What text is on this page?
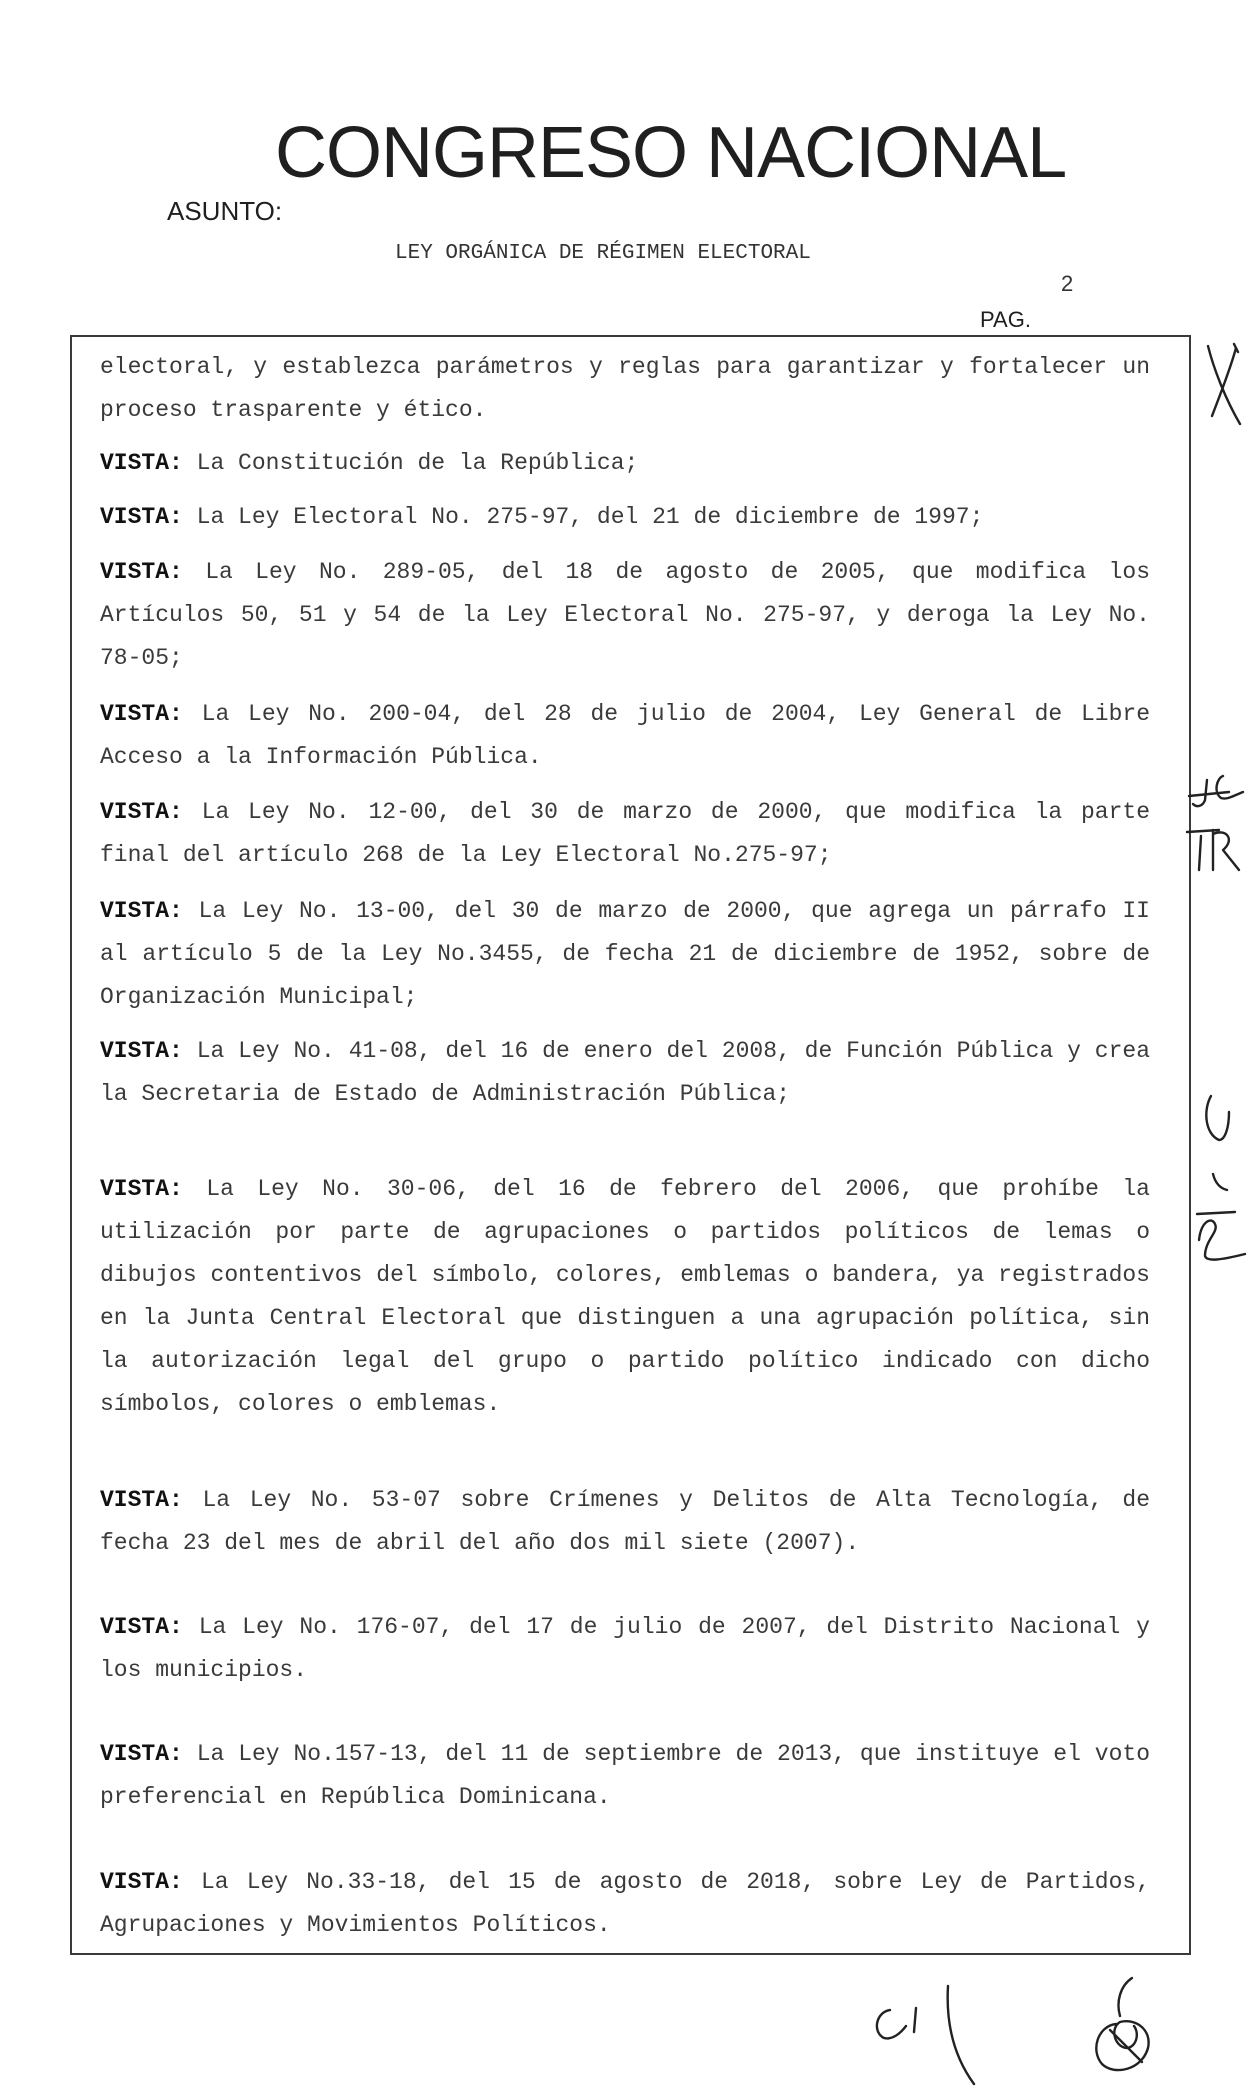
CONGRESO NACIONAL
ASUNTO:
LEY ORGÁNICA DE RÉGIMEN ELECTORAL
2
PAG.

electoral, y establezca parámetros y reglas para garantizar y fortalecer un proceso trasparente y ético.

VISTA: La Constitución de la República;

VISTA: La Ley Electoral No. 275-97, del 21 de diciembre de 1997;

VISTA: La Ley No. 289-05, del 18 de agosto de 2005, que modifica los Artículos 50, 51 y 54 de la Ley Electoral No. 275-97, y deroga la Ley No. 78-05;

VISTA: La Ley No. 200-04, del 28 de julio de 2004, Ley General de Libre Acceso a la Información Pública.

VISTA: La Ley No. 12-00, del 30 de marzo de 2000, que modifica la parte final del artículo 268 de la Ley Electoral No.275-97;

VISTA: La Ley No. 13-00, del 30 de marzo de 2000, que agrega un párrafo II al artículo 5 de la Ley No.3455, de fecha 21 de diciembre de 1952, sobre de Organización Municipal;

VISTA: La Ley No. 41-08, del 16 de enero del 2008, de Función Pública y crea la Secretaria de Estado de Administración Pública;

VISTA: La Ley No. 30-06, del 16 de febrero del 2006, que prohíbe la utilización por parte de agrupaciones o partidos políticos de lemas o dibujos contentivos del símbolo, colores, emblemas o bandera, ya registrados en la Junta Central Electoral que distinguen a una agrupación política, sin la autorización legal del grupo o partido político indicado con dicho símbolos, colores o emblemas.

VISTA: La Ley No. 53-07 sobre Crímenes y Delitos de Alta Tecnología, de fecha 23 del mes de abril del año dos mil siete (2007).

VISTA: La Ley No. 176-07, del 17 de julio de 2007, del Distrito Nacional y los municipios.

VISTA: La Ley No.157-13, del 11 de septiembre de 2013, que instituye el voto preferencial en República Dominicana.

VISTA: La Ley No.33-18, del 15 de agosto de 2018, sobre Ley de Partidos, Agrupaciones y Movimientos Políticos.
